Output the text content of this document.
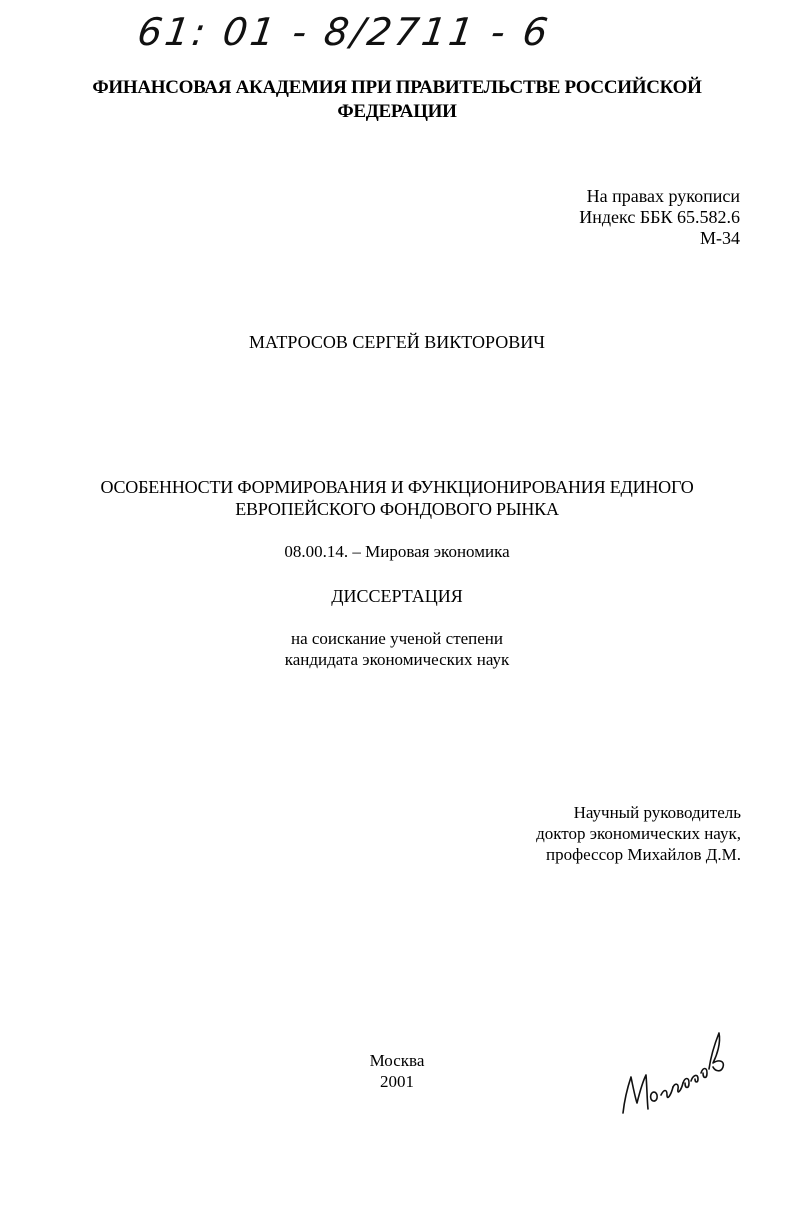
61: 01 - 8/2711 - 6
ФИНАНСОВАЯ АКАДЕМИЯ ПРИ ПРАВИТЕЛЬСТВЕ РОССИЙСКОЙ
ФЕДЕРАЦИИ
На правах рукописи
Индекс ББК 65.582.6
М-34
МАТРОСОВ СЕРГЕЙ ВИКТОРОВИЧ
ОСОБЕННОСТИ ФОРМИРОВАНИЯ И ФУНКЦИОНИРОВАНИЯ ЕДИНОГО
ЕВРОПЕЙСКОГО ФОНДОВОГО РЫНКА
08.00.14. – Мировая экономика
ДИССЕРТАЦИЯ
на соискание ученой степени
кандидата экономических наук
Научный руководитель
доктор экономических наук,
профессор Михайлов Д.М.
Москва
2001
